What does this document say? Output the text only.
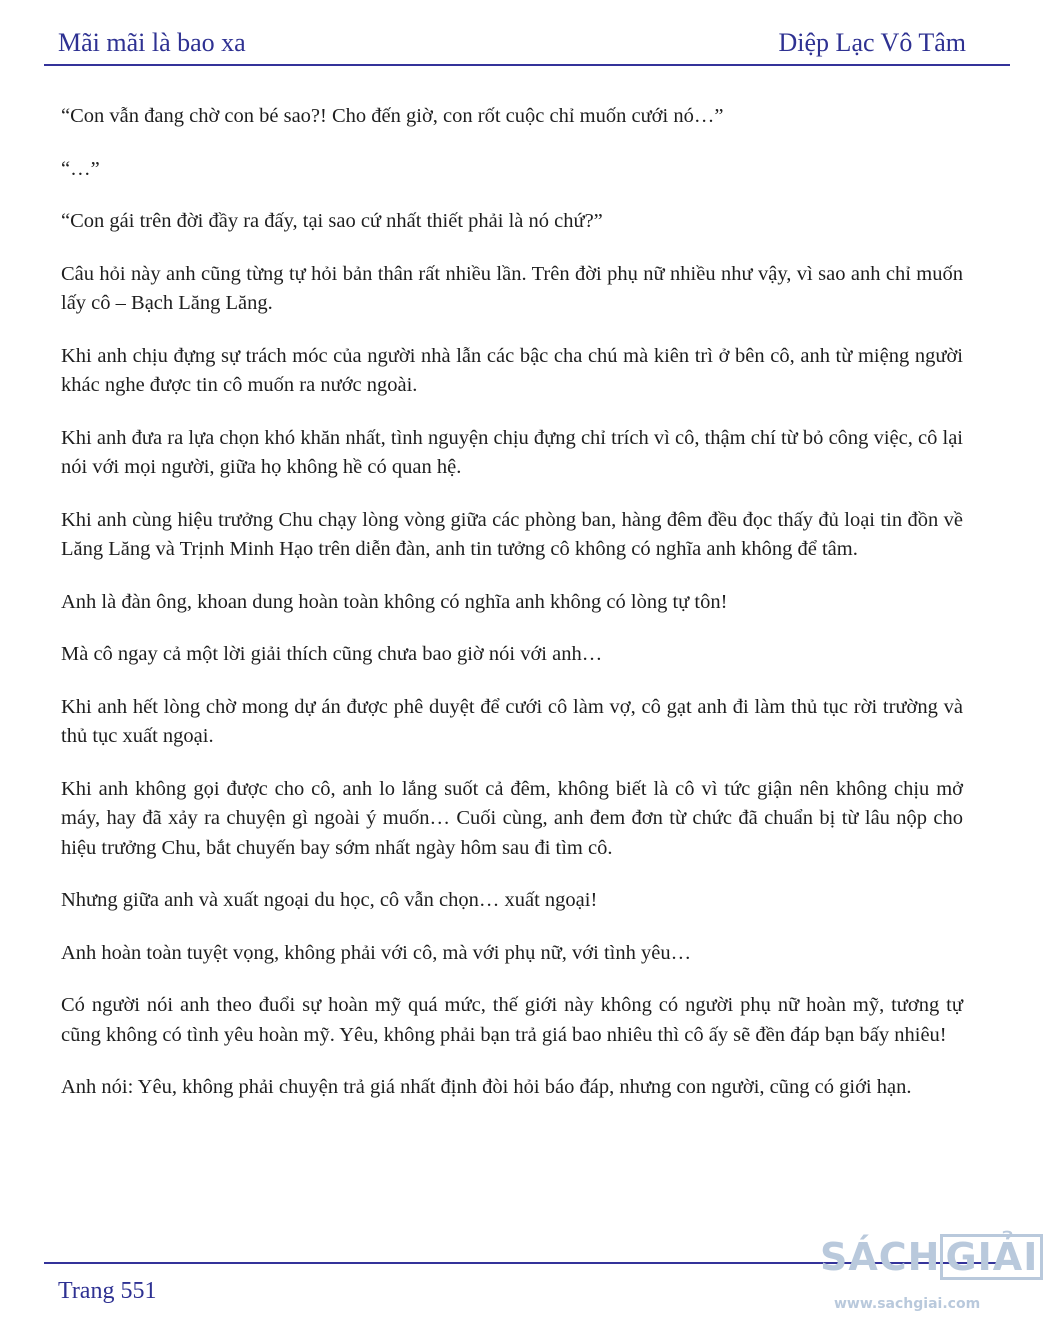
Mãi mãi là bao xa	Diệp Lạc Vô Tâm

“Con vẫn đang chờ con bé sao?! Cho đến giờ, con rốt cuộc chỉ muốn cưới nó…”

“…”

“Con gái trên đời đầy ra đấy, tại sao cứ nhất thiết phải là nó chứ?”

Câu hỏi này anh cũng từng tự hỏi bản thân rất nhiều lần. Trên đời phụ nữ nhiều như vậy, vì sao anh chỉ muốn lấy cô – Bạch Lăng Lăng.

Khi anh chịu đựng sự trách móc của người nhà lẫn các bậc cha chú mà kiên trì ở bên cô, anh từ miệng người khác nghe được tin cô muốn ra nước ngoài.

Khi anh đưa ra lựa chọn khó khăn nhất, tình nguyện chịu đựng chỉ trích vì cô, thậm chí từ bỏ công việc, cô lại nói với mọi người, giữa họ không hề có quan hệ.

Khi anh cùng hiệu trưởng Chu chạy lòng vòng giữa các phòng ban, hàng đêm đều đọc thấy đủ loại tin đồn về Lăng Lăng và Trịnh Minh Hạo trên diễn đàn, anh tin tưởng cô không có nghĩa anh không để tâm.

Anh là đàn ông, khoan dung hoàn toàn không có nghĩa anh không có lòng tự tôn!

Mà cô ngay cả một lời giải thích cũng chưa bao giờ nói với anh…

Khi anh hết lòng chờ mong dự án được phê duyệt để cưới cô làm vợ, cô gạt anh đi làm thủ tục rời trường và thủ tục xuất ngoại.

Khi anh không gọi được cho cô, anh lo lắng suốt cả đêm, không biết là cô vì tức giận nên không chịu mở máy, hay đã xảy ra chuyện gì ngoài ý muốn… Cuối cùng, anh đem đơn từ chức đã chuẩn bị từ lâu nộp cho hiệu trưởng Chu, bắt chuyến bay sớm nhất ngày hôm sau đi tìm cô.

Nhưng giữa anh và xuất ngoại du học, cô vẫn chọn… xuất ngoại!

Anh hoàn toàn tuyệt vọng, không phải với cô, mà với phụ nữ, với tình yêu…

Có người nói anh theo đuổi sự hoàn mỹ quá mức, thế giới này không có người phụ nữ hoàn mỹ, tương tự cũng không có tình yêu hoàn mỹ. Yêu, không phải bạn trả giá bao nhiêu thì cô ấy sẽ đền đáp bạn bấy nhiêu!

Anh nói: Yêu, không phải chuyện trả giá nhất định đòi hỏi báo đáp, nhưng con người, cũng có giới hạn.

Trang 551
SÁCH GIẢI
www.sachgiai.com
